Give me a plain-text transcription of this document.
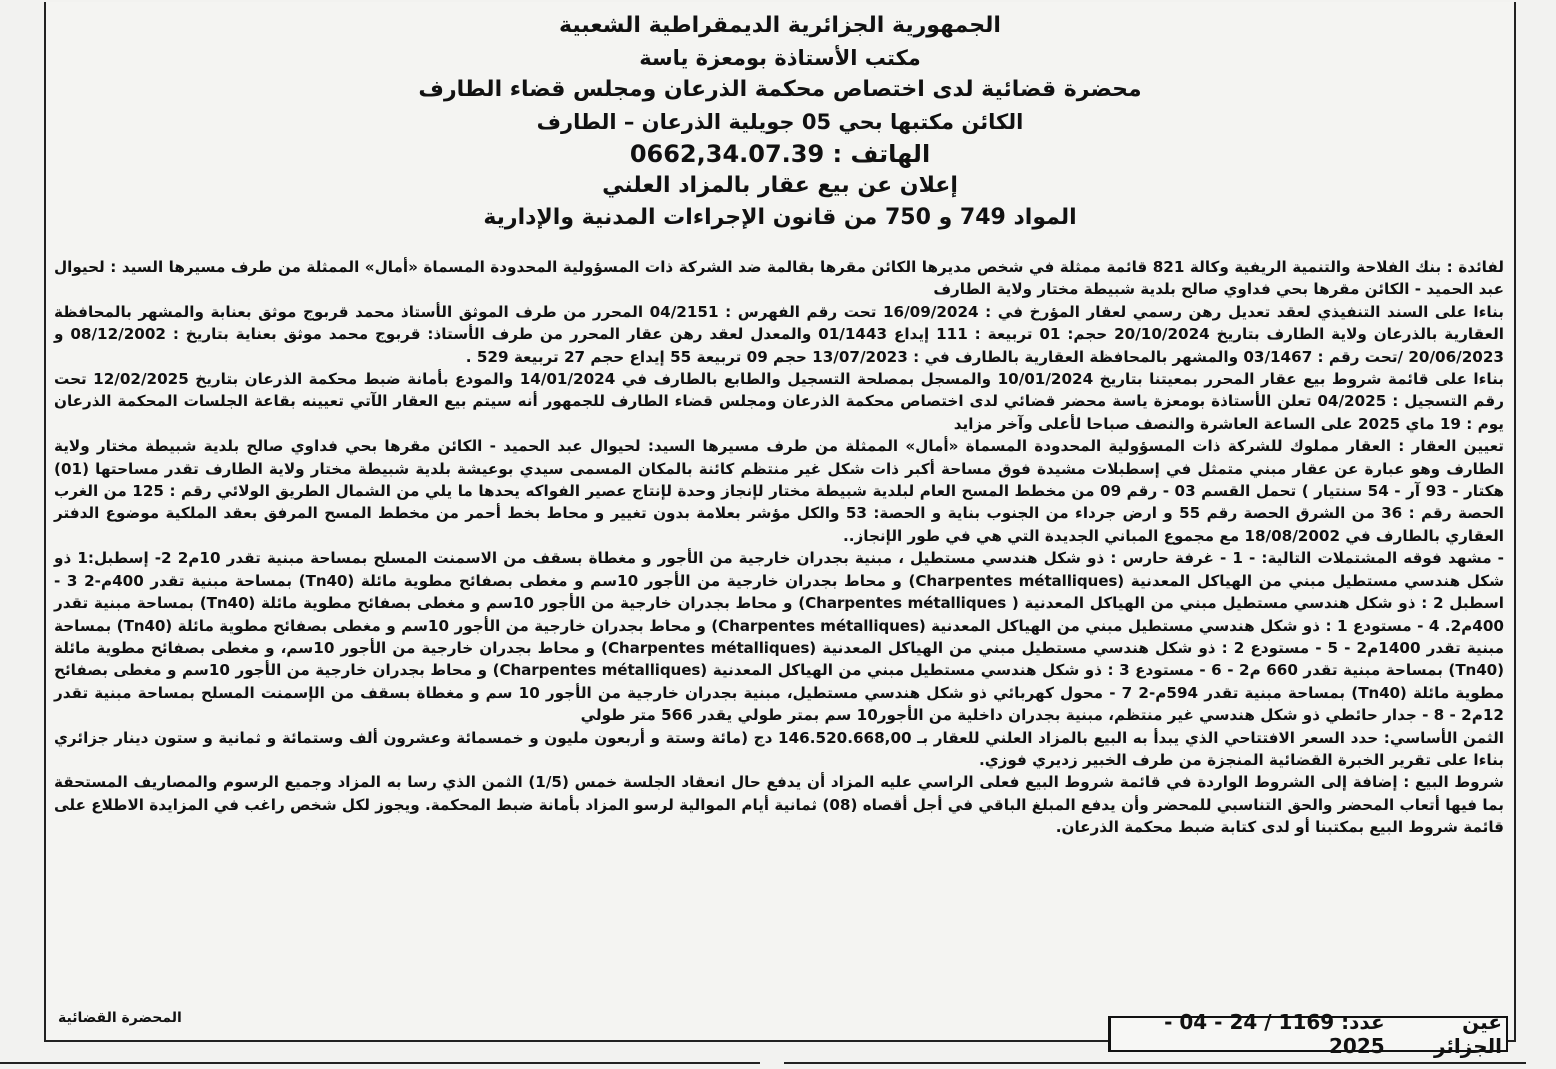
الجمهورية الجزائرية الديمقراطية الشعبية
مكتب الأستاذة بومعزة ياسة
محضرة قضائية لدى اختصاص محكمة الذرعان ومجلس قضاء الطارف
الكائن مكتبها بحي 05 جويلية الذرعان – الطارف
الهاتف : 0662,34.07.39
إعلان عن بيع عقار بالمزاد العلني
المواد 749 و 750 من قانون الإجراءات المدنية والإدارية

لفائدة : بنك الفلاحة والتنمية الريفية وكالة 821 قائمة ممثلة في شخص مديرها الكائن مقرها بقالمة ضد الشركة ذات المسؤولية المحدودة المسماة «أمال» الممثلة من طرف مسيرها السيد : لحيوال عبد الحميد - الكائن مقرها بحي فداوي صالح بلدية شبيطة مختار ولاية الطارف

بناءا على السند التنفيذي لعقد تعديل رهن رسمي لعقار المؤرخ في : 16/09/2024 تحت رقم الفهرس : 04/2151 المحرر من طرف الموثق الأستاذ محمد قربوج موثق بعنابة والمشهر بالمحافظة العقارية بالذرعان ولاية الطارف بتاريخ 20/10/2024 حجم: 01 تربيعة : 111 إيداع 01/1443 والمعدل لعقد رهن عقار المحرر من طرف الأستاذ: قربوج محمد موثق بعناية بتاريخ : 08/12/2002 و 20/06/2023 /تحت رقم : 03/1467 والمشهر بالمحافظة العقارية بالطارف في : 13/07/2023 حجم 09 تربيعة 55 إيداع حجم 27 تربيعة 529 .

بناءا على قائمة شروط بيع عقار المحرر بمعيتنا بتاريخ 10/01/2024 والمسجل بمصلحة التسجيل والطابع بالطارف في 14/01/2024 والمودع بأمانة ضبط محكمة الذرعان بتاريخ 12/02/2025 تحت رقم التسجيل : 04/2025 تعلن الأستاذة بومعزة ياسة محضر قضائي لدى اختصاص محكمة الذرعان ومجلس قضاء الطارف للجمهور أنه سيتم بيع العقار الآتي تعيينه بقاعة الجلسات المحكمة الذرعان يوم : 19 ماي 2025 على الساعة العاشرة والنصف صباحا لأعلى وآخر مزايد

تعيين العقار : العقار مملوك للشركة ذات المسؤولية المحدودة المسماة «أمال» الممثلة من طرف مسيرها السيد: لحيوال عبد الحميد - الكائن مقرها بحي فداوي صالح بلدية شبيطة مختار ولاية الطارف وهو عبارة عن عقار مبني متمثل في إسطبلات مشيدة فوق مساحة أكبر ذات شكل غير منتظم كائنة بالمكان المسمى سيدي بوعيشة بلدية شبيطة مختار ولاية الطارف تقدر مساحتها (01) هكتار - 93 آر - 54 سنتيار ) تحمل القسم 03 - رقم 09 من مخطط المسح العام لبلدية شبيطة مختار لإنجاز وحدة لإنتاج عصير الفواكه يحدها ما يلي من الشمال الطريق الولائي رقم : 125 من الغرب الحصة رقم : 36 من الشرق الحصة رقم 55 و ارض جرداء من الجنوب بناية و الحصة: 53 والكل مؤشر بعلامة بدون تغيير و محاط بخط أحمر من مخطط المسح المرفق بعقد الملكية موضوع الدفتر العقاري بالطارف في 18/08/2002 مع مجموع المباني الجديدة التي هي في طور الإنجاز..

- مشهد فوقه المشتملات التالية: - 1 - غرفة حارس : ذو شكل هندسي مستطيل ، مبنية بجدران خارجية من الأجور و مغطاة بسقف من الاسمنت المسلح بمساحة مبنية تقدر 10م2 2- إسطبل:1 ذو شكل هندسي مستطيل مبني من الهياكل المعدنية (Charpentes métalliques) و محاط بجدران خارجية من الأجور 10سم و مغطى بصفائح مطوية مائلة (Tn40) بمساحة مبنية تقدر 400م-2 3 - اسطبل 2 : ذو شكل هندسي مستطيل مبني من الهياكل المعدنية ( Charpentes métalliques) و محاط بجدران خارجية من الأجور 10سم و مغطى بصفائح مطوية مائلة (Tn40) بمساحة مبنية تقدر 400م2. 4 - مستودع 1 : ذو شكل هندسي مستطيل مبني من الهياكل المعدنية (Charpentes métalliques) و محاط بجدران خارجية من الأجور 10سم و مغطى بصفائح مطوية مائلة (Tn40) بمساحة مبنية تقدر 1400م2 - 5 - مستودع 2 : ذو شكل هندسي مستطيل مبني من الهياكل المعدنية (Charpentes métalliques) و محاط بجدران خارجية من الأجور 10سم، و مغطى بصفائح مطوية مائلة (Tn40) بمساحة مبنية تقدر 660 م2 - 6 - مستودع 3 : ذو شكل هندسي مستطيل مبني من الهياكل المعدنية (Charpentes métalliques) و محاط بجدران خارجية من الأجور 10سم و مغطى بصفائح مطوية مائلة (Tn40) بمساحة مبنية تقدر 594م-2 7 - محول كهربائي ذو شكل هندسي مستطيل، مبنية بجدران خارجية من الأجور 10 سم و مغطاة بسقف من الإسمنت المسلح بمساحة مبنية تقدر 12م2 - 8 - جدار حائطي ذو شكل هندسي غير منتظم، مبنية بجدران داخلية من الأجور10 سم بمتر طولي يقدر 566 متر طولي

الثمن الأساسي: حدد السعر الافتتاحي الذي يبدأ به البيع بالمزاد العلني للعقار بـ 146.520.668,00 دج (مائة وستة و أربعون مليون و خمسمائة وعشرون ألف وستمائة و ثمانية و ستون دينار جزائري بناءا على تقرير الخبرة القضائية المنجزة من طرف الخبير زديري فوزي.

شروط البيع : إضافة إلى الشروط الواردة في قائمة شروط البيع فعلى الراسي عليه المزاد أن يدفع حال انعقاد الجلسة خمس (1/5) الثمن الذي رسا به المزاد وجميع الرسوم والمصاريف المستحقة بما فيها أتعاب المحضر والحق التناسبي للمحضر وأن يدفع المبلغ الباقي في أجل أقصاه (08) ثمانية أيام الموالية لرسو المزاد بأمانة ضبط المحكمة. ويجوز لكل شخص راغب في المزايدة الاطلاع على قائمة شروط البيع بمكتبنا أو لدى كتابة ضبط محكمة الذرعان.

المحضرة القضائية	عين الجزائر
عدد: 1169 / 24 - 04 - 2025
